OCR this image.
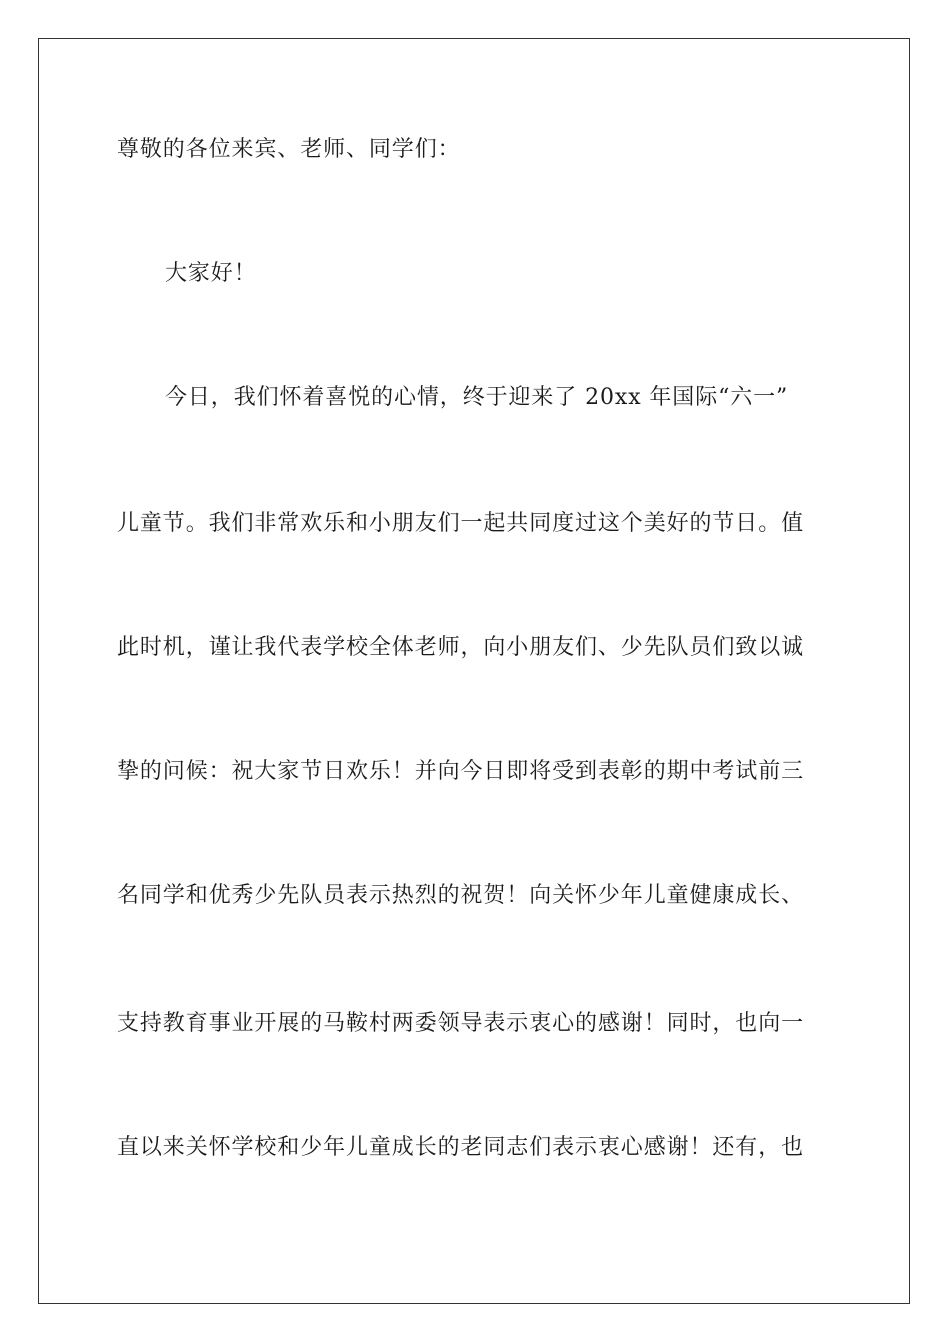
尊敬的各位来宾、老师、同学们：
大家好！
今日，我们怀着喜悦的心情，终于迎来了 20xx 年国际“六一”
儿童节。我们非常欢乐和小朋友们一起共同度过这个美好的节日。值
此时机，谨让我代表学校全体老师，向小朋友们、少先队员们致以诚
挚的问候：祝大家节日欢乐！并向今日即将受到表彰的期中考试前三
名同学和优秀少先队员表示热烈的祝贺！向关怀少年儿童健康成长、
支持教育事业开展的马鞍村两委领导表示衷心的感谢！同时，也向一
直以来关怀学校和少年儿童成长的老同志们表示衷心感谢！还有，也
